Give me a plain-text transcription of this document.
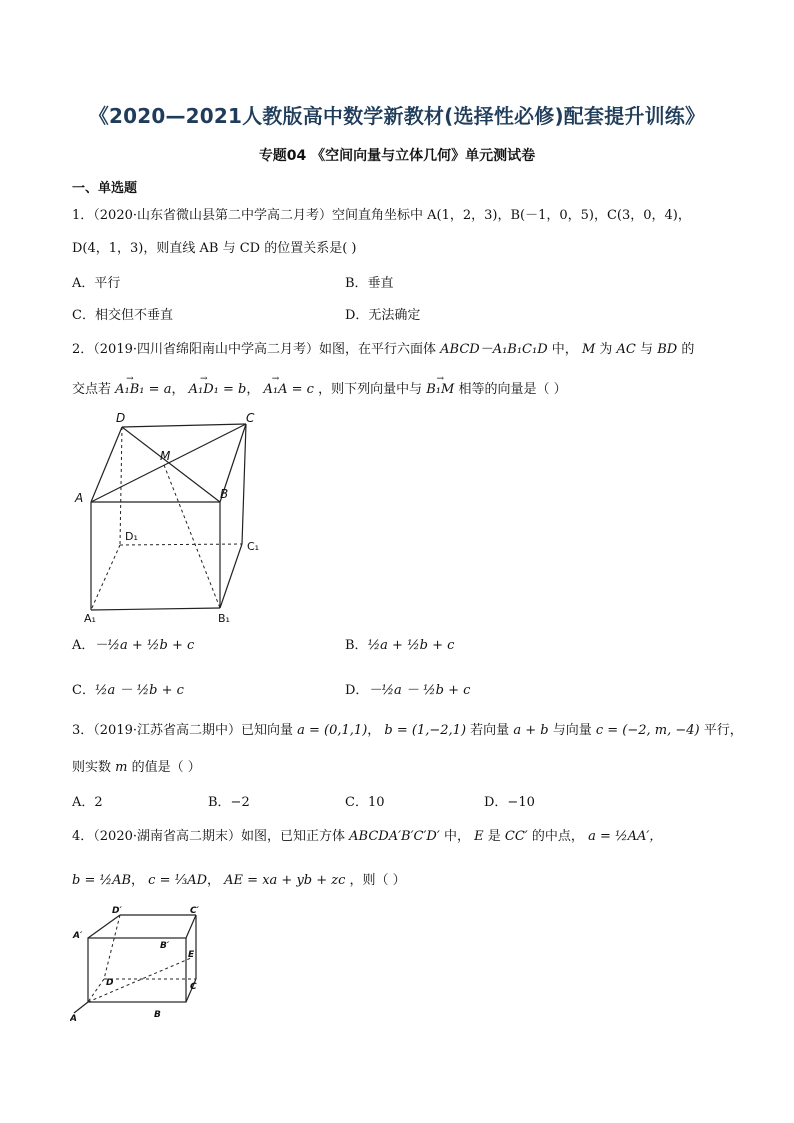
《2020—2021人教版高中数学新教材(选择性必修)配套提升训练》
专题04 《空间向量与立体几何》单元测试卷
一、单选题
1．（2020·山东省微山县第二中学高二月考）空间直角坐标中 A(1，2，3)，B(－1，0，5)，C(3，0，4)，
D(4，1，3)，则直线 AB 与 CD 的位置关系是( )
A．平行	B．垂直
C．相交但不垂直	D．无法确定
2．（2019·四川省绵阳南山中学高二月考）如图，在平行六面体 ABCD－A₁B₁C₁D 中， M 为 AC 与 BD 的
交点若 → A₁B₁ = a， → A₁D₁ = b， → A₁A = c ，则下列向量中与 → B₁M 相等的向量是（ ）
D	C
M
A	B
D₁
C₁
A₁	B₁
A．－½a + ½b + c	B．½a + ½b + c
C．½a － ½b + c	D．－½a － ½b + c
3．（2019·江苏省高二期中）已知向量 a = (0,1,1)， b = (1,−2,1) 若向量 a + b 与向量 c = (−2, m, −4) 平行，
则实数 m 的值是（ ）
A．2	B．−2	C．10	D．−10
4．（2020·湖南省高二期末）如图，已知正方体 ABCDA′B′C′D′ 中， E 是 CC′ 的中点， a = ½AA′，
b = ½AB， c = ⅓AD， AE = xa + yb + zc ，则（ ）
D′	C′
A′
B′
E
D	C
A	B
